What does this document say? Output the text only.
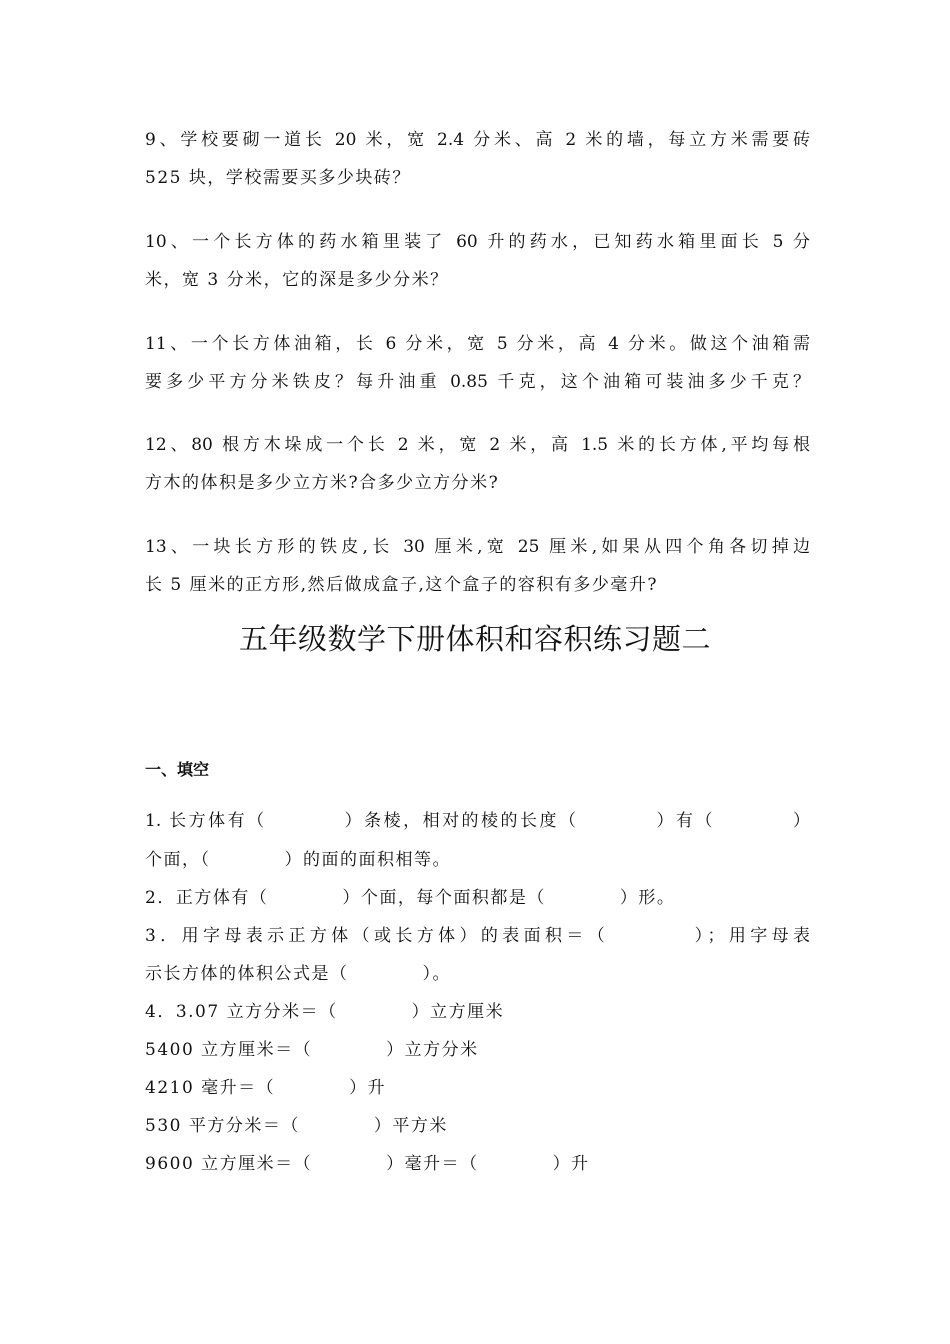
9、学校要砌一道长 20 米，宽 2.4 分米、高 2 米的墙，每立方米需要砖
525 块，学校需要买多少块砖？
10、一个长方体的药水箱里装了 60 升的药水，已知药水箱里面长 5 分
米，宽 3 分米，它的深是多少分米？
11、一个长方体油箱，长 6 分米，宽 5 分米，高 4 分米。做这个油箱需
要多少平方分米铁皮？每升油重 0.85 千克，这个油箱可装油多少千克？
12、80 根方木垛成一个长 2 米，宽 2 米，高 1.5 米的长方体,平均每根
方木的体积是多少立方米?合多少立方分米?
13、一块长方形的铁皮,长 30 厘米,宽 25 厘米,如果从四个角各切掉边
长 5 厘米的正方形,然后做成盒子,这个盒子的容积有多少毫升?
五年级数学下册体积和容积练习题二
一、填空
1. 长方体有（　　　　）条棱，相对的棱的长度（　　　　）有（　　　　）
个面，（　　　　）的面的面积相等。
2．正方体有（　　　　）个面，每个面积都是（　　　　）形。
3．用字母表示正方体（或长方体）的表面积＝（　　　　）；用字母表
示长方体的体积公式是（　　　　）。
4．3.07 立方分米＝（　　　　）立方厘米
5400 立方厘米＝（　　　　）立方分米
4210 毫升＝（　　　　）升
530 平方分米＝（　　　　）平方米
9600 立方厘米＝（　　　　）毫升＝（　　　　）升
